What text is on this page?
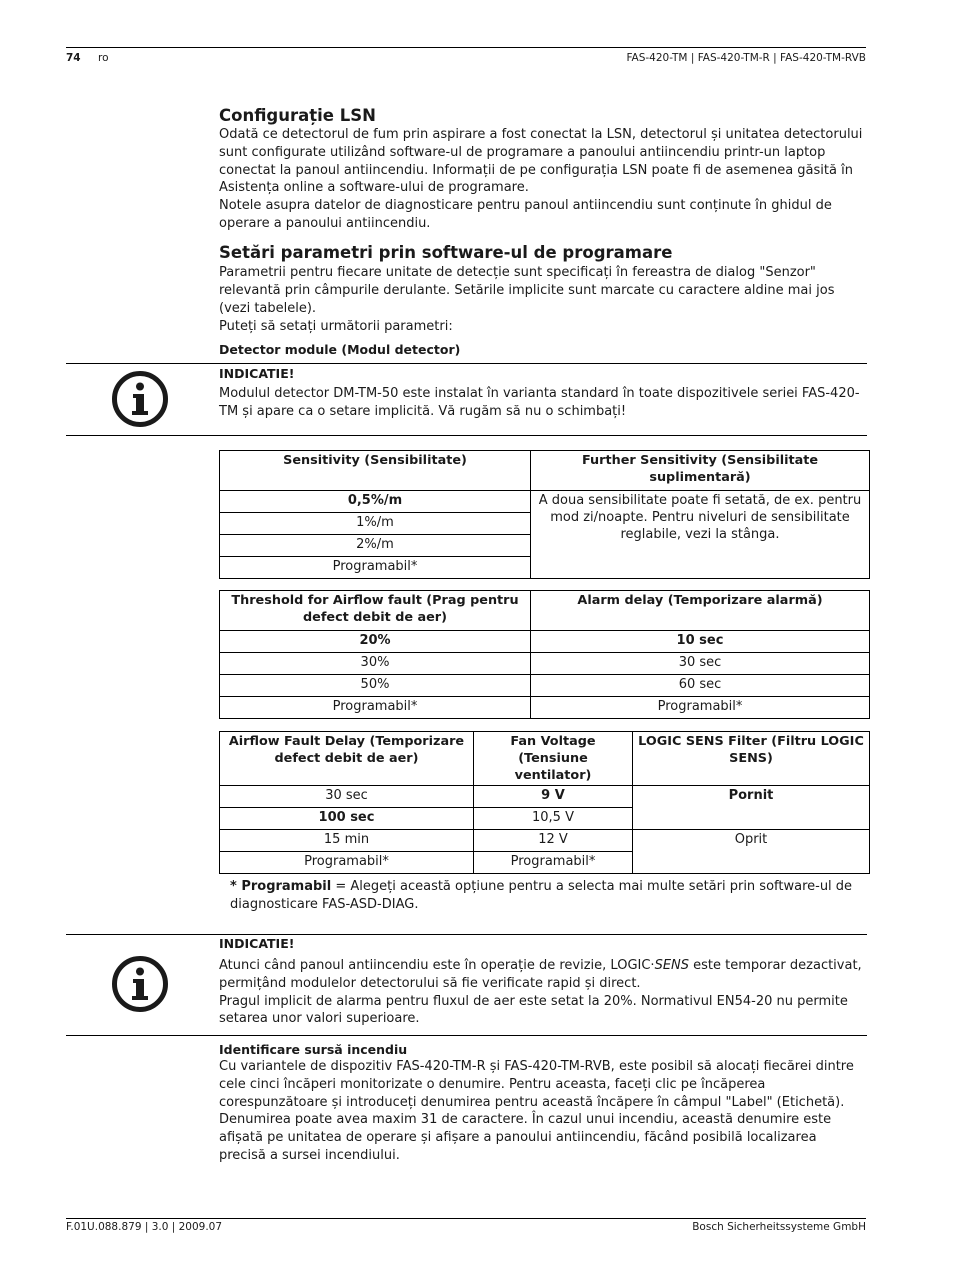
74 ro	FAS-420-TM | FAS-420-TM-R | FAS-420-TM-RVB
Configurație LSN

Odată ce detectorul de fum prin aspirare a fost conectat la LSN, detectorul și unitatea detectorului sunt configurate utilizând software-ul de programare a panoului antiincendiu printr-un laptop conectat la panoul antiincendiu. Informații de pe configurația LSN poate fi de asemenea găsită în Asistența online a software-ului de programare.

Notele asupra datelor de diagnosticare pentru panoul antiincendiu sunt conținute în ghidul de operare a panoului antiincendiu.

Setări parametri prin software-ul de programare

Parametrii pentru fiecare unitate de detecție sunt specificați în fereastra de dialog "Senzor" relevantă prin câmpurile derulante. Setările implicite sunt marcate cu caractere aldine mai jos (vezi tabelele).

Puteți să setați următorii parametri:

Detector module (Modul detector)

INDICATIE!
Modulul detector DM-TM-50 este instalat în varianta standard în toate dispozitivele seriei FAS-420-TM și apare ca o setare implicită. Vă rugăm să nu o schimbați!
Sensitivity (Sensibilitate)	Further Sensitivity (Sensibilitate suplimentară)
0,5%/m	A doua sensibilitate poate fi setată, de ex. pentru mod zi/noapte. Pentru niveluri de sensibilitate reglabile, vezi la stânga.
1%/m	
2%/m	
Programabil*	
Threshold for Airflow fault (Prag pentru defect debit de aer)	Alarm delay (Temporizare alarmă)
20%	10 sec
30%	30 sec
50%	60 sec
Programabil*	Programabil*
Airflow Fault Delay (Temporizare defect debit de aer)	Fan Voltage (Tensiune ventilator)	LOGIC SENS Filter (Filtru LOGIC SENS)
30 sec	9 V	Pornit
100 sec	10,5 V	
15 min	12 V	Oprit
Programabil*	Programabil*	

* Programabil = Alegeți această opțiune pentru a selecta mai multe setări prin software-ul de diagnosticare FAS-ASD-DIAG.

INDICATIE!
Atunci când panoul antiincendiu este în operație de revizie, LOGIC·SENS este temporar dezactivat, permițând modulelor detectorului să fie verificate rapid și direct.
Pragul implicit de alarma pentru fluxul de aer este setat la 20%. Normativul EN54-20 nu permite setarea unor valori superioare.

Identificare sursă incendiu

Cu variantele de dispozitiv FAS-420-TM-R și FAS-420-TM-RVB, este posibil să alocați fiecărei dintre cele cinci încăperi monitorizate o denumire. Pentru aceasta, faceți clic pe încăperea corespunzătoare și introduceți denumirea pentru această încăpere în câmpul "Label" (Etichetă). Denumirea poate avea maxim 31 de caractere. În cazul unui incendiu, această denumire este afișată pe unitatea de operare și afișare a panoului antiincendiu, făcând posibilă localizarea precisă a sursei incendiului.

F.01U.088.879 | 3.0 | 2009.07	Bosch Sicherheitssysteme GmbH
